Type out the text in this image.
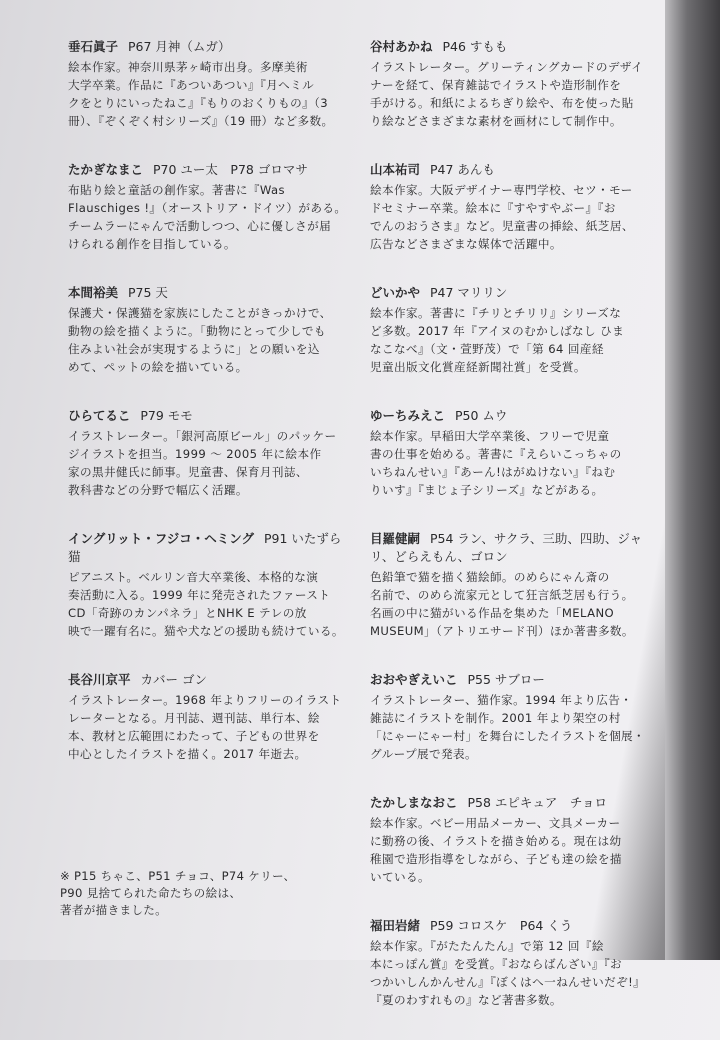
垂石眞子 P67 月神（ムガ）

絵本作家。神奈川県茅ヶ崎市出身。多摩美術
大学卒業。作品に『あついあつい』『月へミル
クをとりにいったねこ』『もりのおくりもの』（3
冊）、『ぞくぞく村シリーズ』（19 冊）など多数。

たかぎなまこ P70 ユー太　P78 ゴロマサ

布貼り絵と童話の創作家。著書に『Was
Flauschiges !』（オーストリア・ドイツ）がある。
チームラーにゃんで活動しつつ、心に優しさが届
けられる創作を目指している。

本間裕美 P75 天

保護犬・保護猫を家族にしたことがきっかけで、
動物の絵を描くように。「動物にとって少しでも
住みよい社会が実現するように」との願いを込
めて、ペットの絵を描いている。

ひらてるこ P79 モモ

イラストレーター。「銀河高原ビール」のパッケー
ジイラストを担当。1999 ～ 2005 年に絵本作
家の黒井健氏に師事。児童書、保育月刊誌、
教科書などの分野で幅広く活躍。

イングリット・フジコ・ヘミング P91 いたずら
猫

ピアニスト。ベルリン音大卒業後、本格的な演
奏活動に入る。1999 年に発売されたファースト
CD「奇跡のカンパネラ」とNHK E テレの放
映で一躍有名に。猫や犬などの援助も続けている。

長谷川京平 カバー ゴン

イラストレーター。1968 年よりフリーのイラスト
レーターとなる。月刊誌、週刊誌、単行本、絵
本、教材と広範囲にわたって、子どもの世界を
中心としたイラストを描く。2017 年逝去。

谷村あかね P46 すもも

イラストレーター。グリーティングカードのデザイ
ナーを経て、保育雑誌でイラストや造形制作を
手がける。和紙によるちぎり絵や、布を使った貼
り絵などさまざまな素材を画材にして制作中。

山本祐司 P47 あんも

絵本作家。大阪デザイナー専門学校、セツ・モー
ドセミナー卒業。絵本に『すやすやぶー』『お
でんのおうさま』など。児童書の挿絵、紙芝居、
広告などさまざまな媒体で活躍中。

どいかや P47 マリリン

絵本作家。著書に『チリとチリリ』シリーズな
ど多数。2017 年『アイヌのむかしばなし ひま
なこなべ』（文・萱野茂）で「第 64 回産経
児童出版文化賞産経新聞社賞」を受賞。

ゆーちみえこ P50 ムウ

絵本作家。早稲田大学卒業後、フリーで児童
書の仕事を始める。著書に『えらいこっちゃの
いちねんせい』『あーん!はがぬけない』『ねむ
りいす』『まじょ子シリーズ』などがある。

目羅健嗣 P54 ラン、サクラ、三助、四助、ジャ
リ、どらえもん、ゴロン

色鉛筆で猫を描く猫絵師。のめらにゃん斎の
名前で、のめら流家元として狂言紙芝居も行う。
名画の中に猫がいる作品を集めた「MELANO
MUSEUM」（アトリエサード刊）ほか著書多数。

おおやぎえいこ P55 サブロー

イラストレーター、猫作家。1994 年より広告・
雑誌にイラストを制作。2001 年より架空の村
「にゃーにゃー村」を舞台にしたイラストを個展・
グループ展で発表。

たかしまなおこ P58 エピキュア　チョロ

絵本作家。ベビー用品メーカー、文具メーカー
に勤務の後、イラストを描き始める。現在は幼
稚園で造形指導をしながら、子ども達の絵を描
いている。

福田岩緒 P59 コロスケ　P64 くう

絵本作家。『がたたんたん』で第 12 回『絵
本にっぽん賞』を受賞。『おならばんざい』『お
つかいしんかんせん』『ぼくはへ一ねんせいだぞ!』
『夏のわすれもの』など著書多数。

※ P15 ちゃこ、P51 チョコ、P74 ケリー、
P90 見捨てられた命たちの絵は、
著者が描きました。
